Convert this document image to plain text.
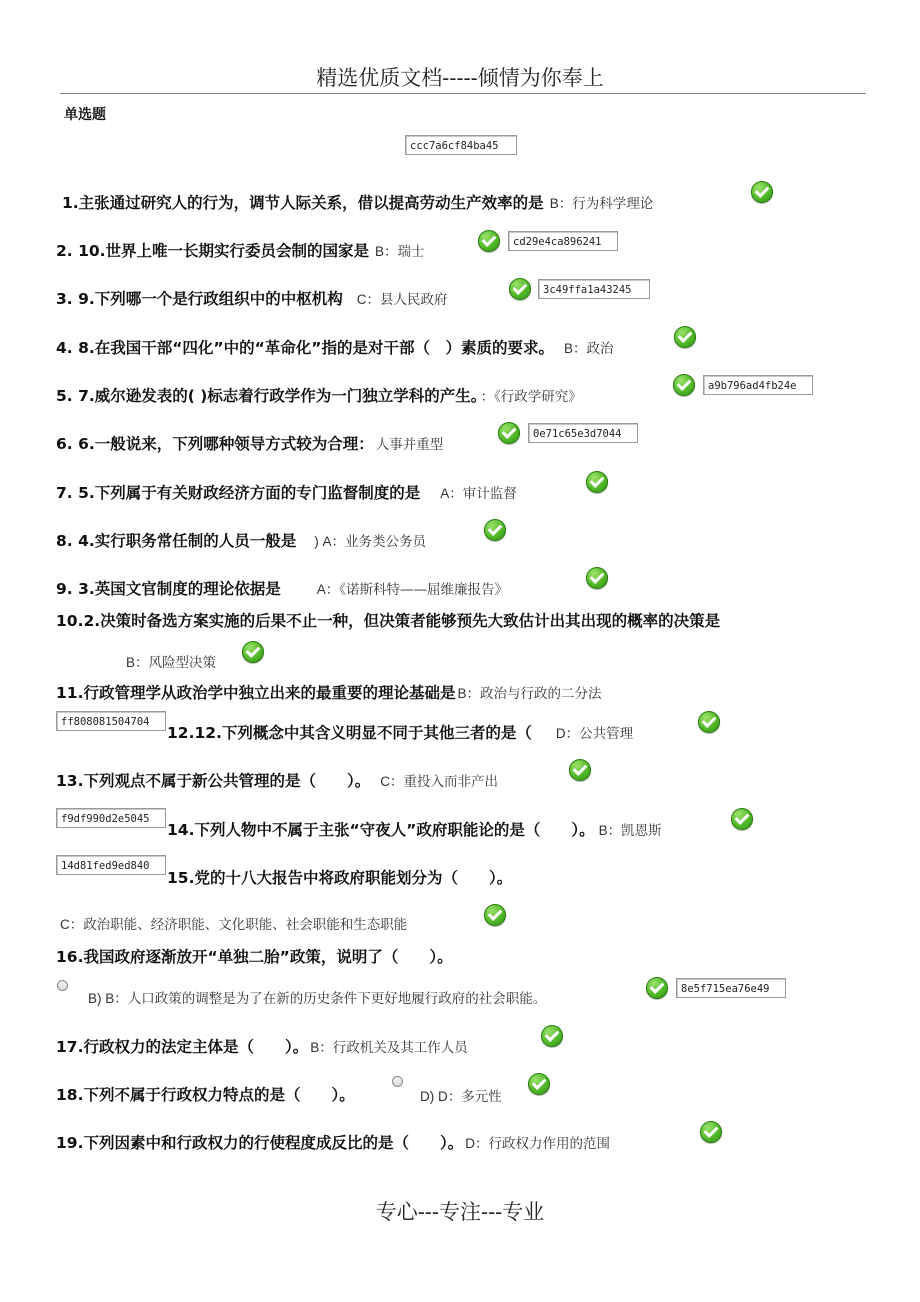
精选优质文档-----倾情为你奉上
单选题
ccc7a6cf84ba45
1.主张通过研究人的行为，调节人际关系，借以提高劳动生产效率的是 B：行为科学理论
2. 10.世界上唯一长期实行委员会制的国家是 B：瑞士
cd29e4ca896241
3. 9.下列哪一个是行政组织中的中枢机构 C：县人民政府
3c49ffa1a43245
4. 8.在我国干部“四化”中的“革命化”指的是对干部（　）素质的要求。 B：政治
5. 7.威尔逊发表的( )标志着行政学作为一门独立学科的产生。 ：《行政学研究》
a9b796ad4fb24e
6. 6.一般说来，下列哪种领导方式较为合理： 人事并重型
0e71c65e3d7044
7. 5.下列属于有关财政经济方面的专门监督制度的是 A：审计监督
8. 4.实行职务常任制的人员一般是 ) A：业务类公务员
9. 3.英国文官制度的理论依据是	A：《诺斯科特——屈维廉报告》
10.2.决策时备选方案实施的后果不止一种，但决策者能够预先大致估计出其出现的概率的决策是
B：风险型决策
11.行政管理学从政治学中独立出来的最重要的理论基础是 B：政治与行政的二分法
ff808081504704
12.12.下列概念中其含义明显不同于其他三者的是（ D：公共管理
13.下列观点不属于新公共管理的是（　　）。 C：重投入而非产出
f9df990d2e5045
14.下列人物中不属于主张“守夜人”政府职能论的是（　　）。 B：凯恩斯
14d81fed9ed840
15.党的十八大报告中将政府职能划分为（　　）。
C：政治职能、经济职能、文化职能、社会职能和生态职能
16.我国政府逐渐放开“单独二胎”政策，说明了（　　）。
B) B：人口政策的调整是为了在新的历史条件下更好地履行政府的社会职能。
8e5f715ea76e49
17.行政权力的法定主体是（　　）。 B：行政机关及其工作人员
18.下列不属于行政权力特点的是（　　）。	D) D：多元性
19.下列因素中和行政权力的行使程度成反比的是（　　）。 D：行政权力作用的范围
专心---专注---专业
